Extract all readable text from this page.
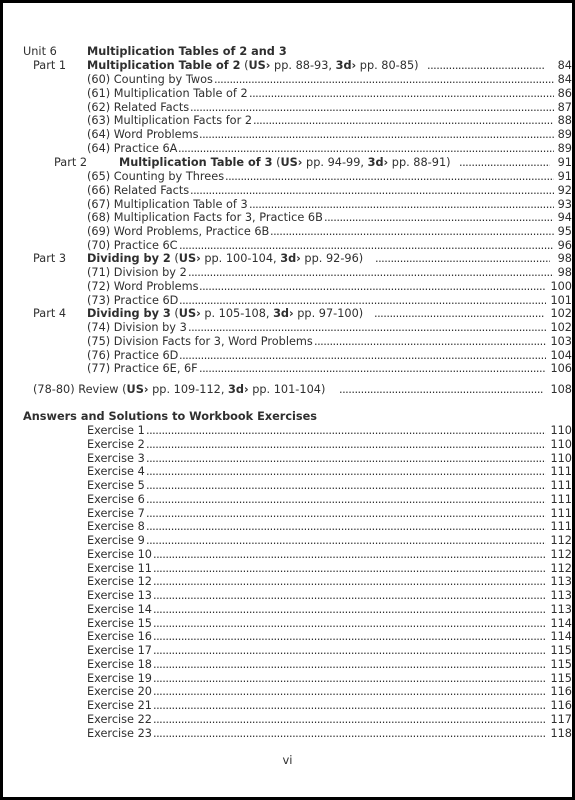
Unit 6	Multiplication Tables of 2 and 3
Part 1 Multiplication Table of 2 (US› pp. 88-93, 3d› pp. 80-85) .....	84
(60) Counting by Twos .....	84
(61) Multiplication Table of 2 .....	86
(62) Related Facts .....	87
(63) Multiplication Facts for 2 .....	88
(64) Word Problems .....	89
(64) Practice 6A .....	89
Part 2	Multiplication Table of 3 (US› pp. 94-99, 3d› pp. 88-91) .....	91
(65) Counting by Threes .....	91
(66) Related Facts .....	92
(67) Multiplication Table of 3 .....	93
(68) Multiplication Facts for 3, Practice 6B .....	94
(69) Word Problems, Practice 6B .....	95
(70) Practice 6C .....	96
Part 3 Dividing by 2 (US› pp. 100-104, 3d› pp. 92-96) .....	98
(71) Division by 2 .....	98
(72) Word Problems .....	100
(73) Practice 6D .....	101
Part 4 Dividing by 3 (US› p. 105-108, 3d› pp. 97-100) .....	102
(74) Division by 3 .....	102
(75) Division Facts for 3, Word Problems .....	103
(76) Practice 6D .....	104
(77) Practice 6E, 6F .....	106
(78-80) Review (US› pp. 109-112, 3d› pp. 101-104) .....	108
Answers and Solutions to Workbook Exercises
Exercise 1 .....	110
Exercise 2 .....	110
Exercise 3 .....	110
Exercise 4 .....	111
Exercise 5 .....	111
Exercise 6 .....	111
Exercise 7 .....	111
Exercise 8 .....	111
Exercise 9 .....	112
Exercise 10 .....	112
Exercise 11 .....	112
Exercise 12 .....	113
Exercise 13 .....	113
Exercise 14 .....	113
Exercise 15 .....	114
Exercise 16 .....	114
Exercise 17 .....	115
Exercise 18 .....	115
Exercise 19 .....	115
Exercise 20 .....	116
Exercise 21 .....	116
Exercise 22 .....	117
Exercise 23 .....	118
vi
